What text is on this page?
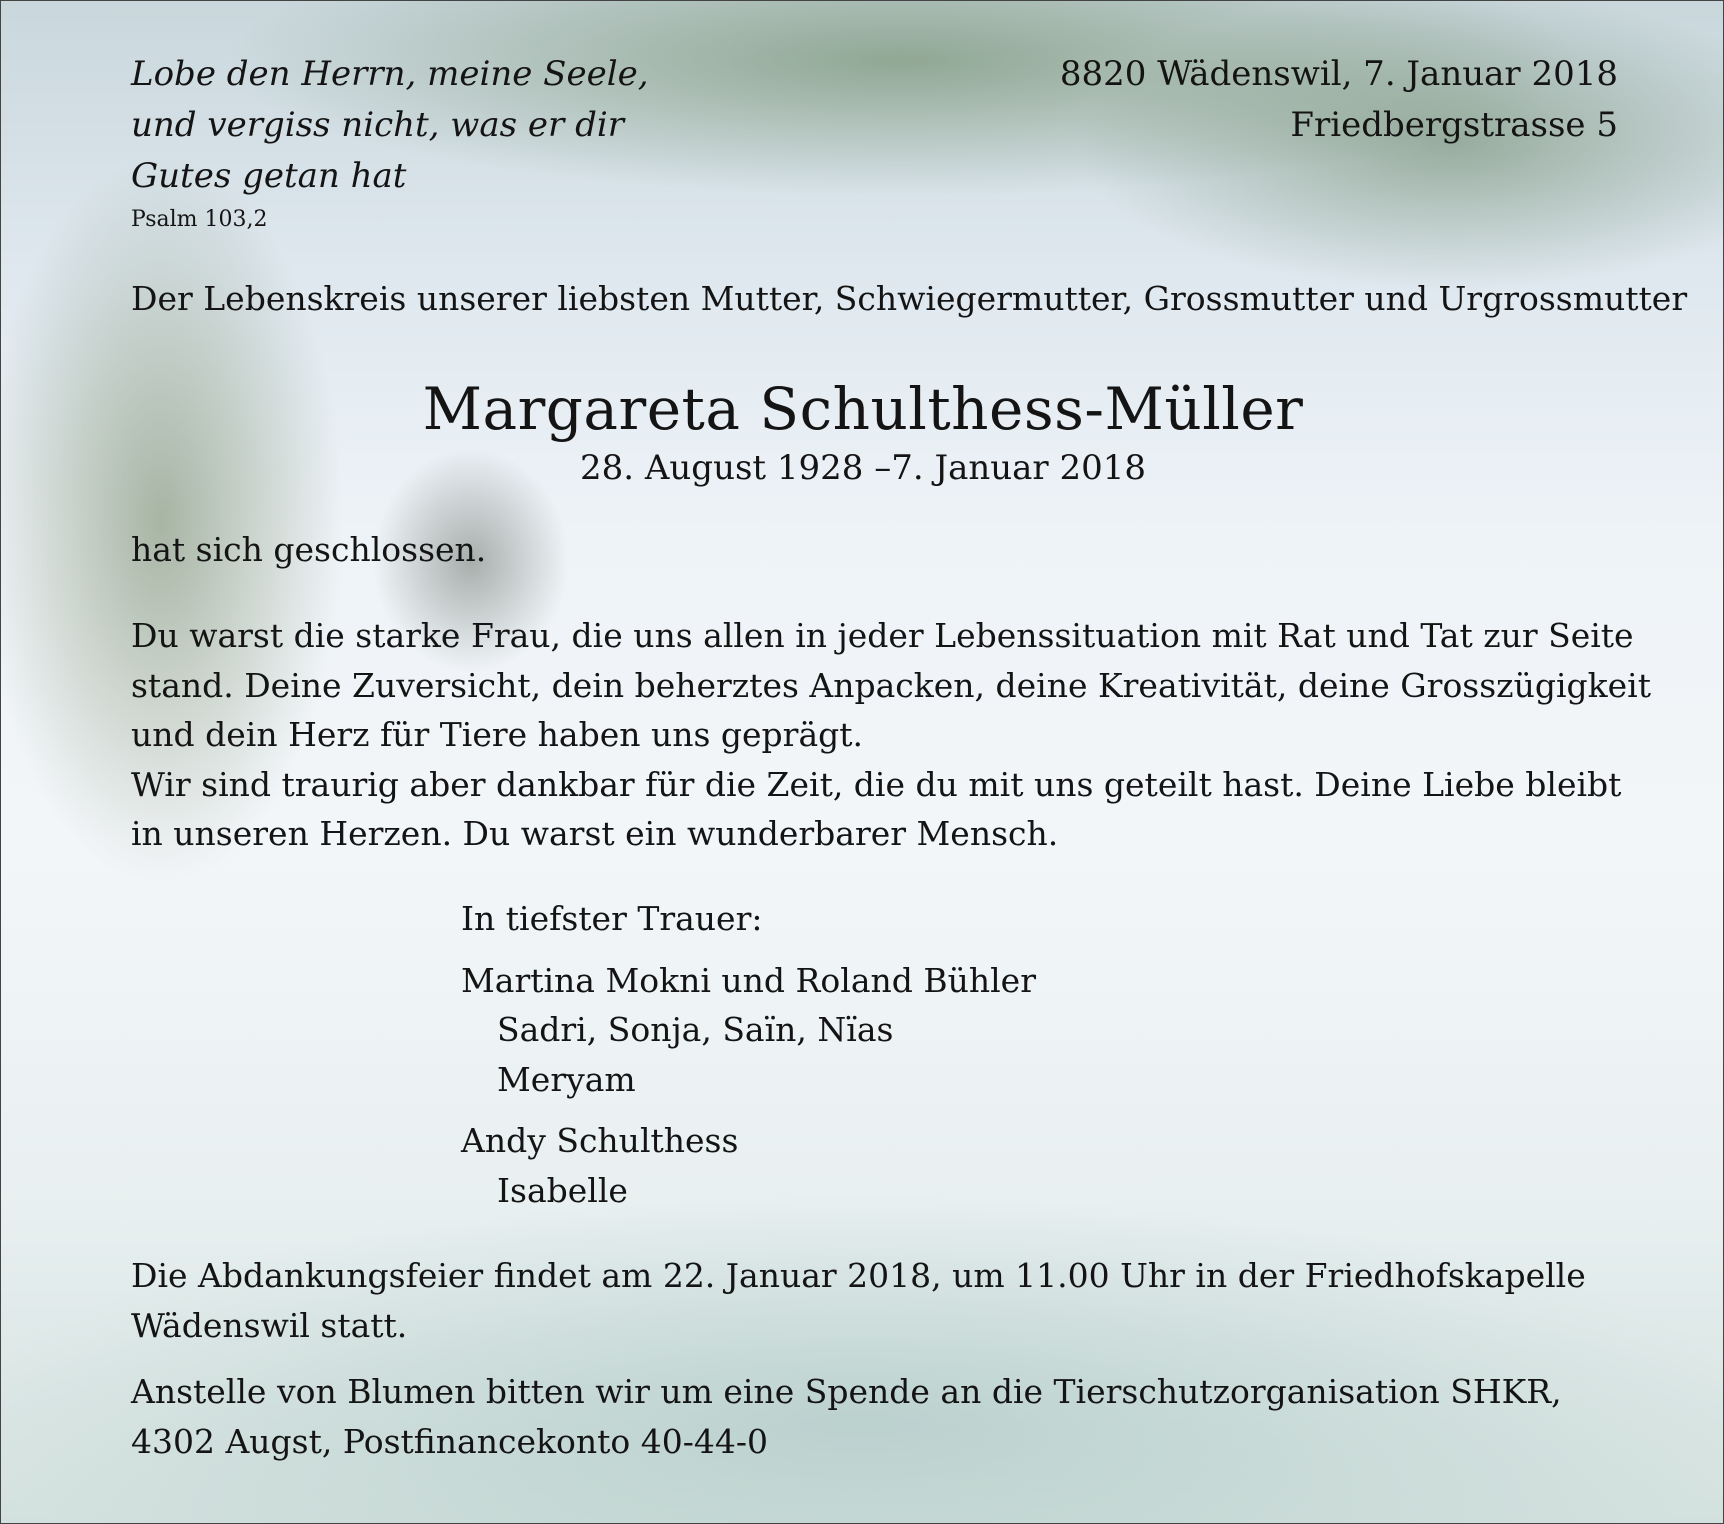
Lobe den Herrn, meine Seele,
und vergiss nicht, was er dir
Gutes getan hat
Psalm 103,2
8820 Wädenswil, 7. Januar 2018
Friedbergstrasse 5
Der Lebenskreis unserer liebsten Mutter, Schwiegermutter, Grossmutter und Urgrossmutter
Margareta Schulthess-Müller
28. August 1928 –7. Januar 2018
hat sich geschlossen.
Du warst die starke Frau, die uns allen in jeder Lebenssituation mit Rat und Tat zur Seite
stand. Deine Zuversicht, dein beherztes Anpacken, deine Kreativität, deine Grosszügigkeit
und dein Herz für Tiere haben uns geprägt.
Wir sind traurig aber dankbar für die Zeit, die du mit uns geteilt hast. Deine Liebe bleibt
in unseren Herzen. Du warst ein wunderbarer Mensch.
In tiefster Trauer:
Martina Mokni und Roland Bühler
Sadri, Sonja, Saïn, Nïas
Meryam
Andy Schulthess
Isabelle
Die Abdankungsfeier findet am 22. Januar 2018, um 11.00 Uhr in der Friedhofskapelle
Wädenswil statt.
Anstelle von Blumen bitten wir um eine Spende an die Tierschutzorganisation SHKR,
4302 Augst, Postfinancekonto 40-44-0
